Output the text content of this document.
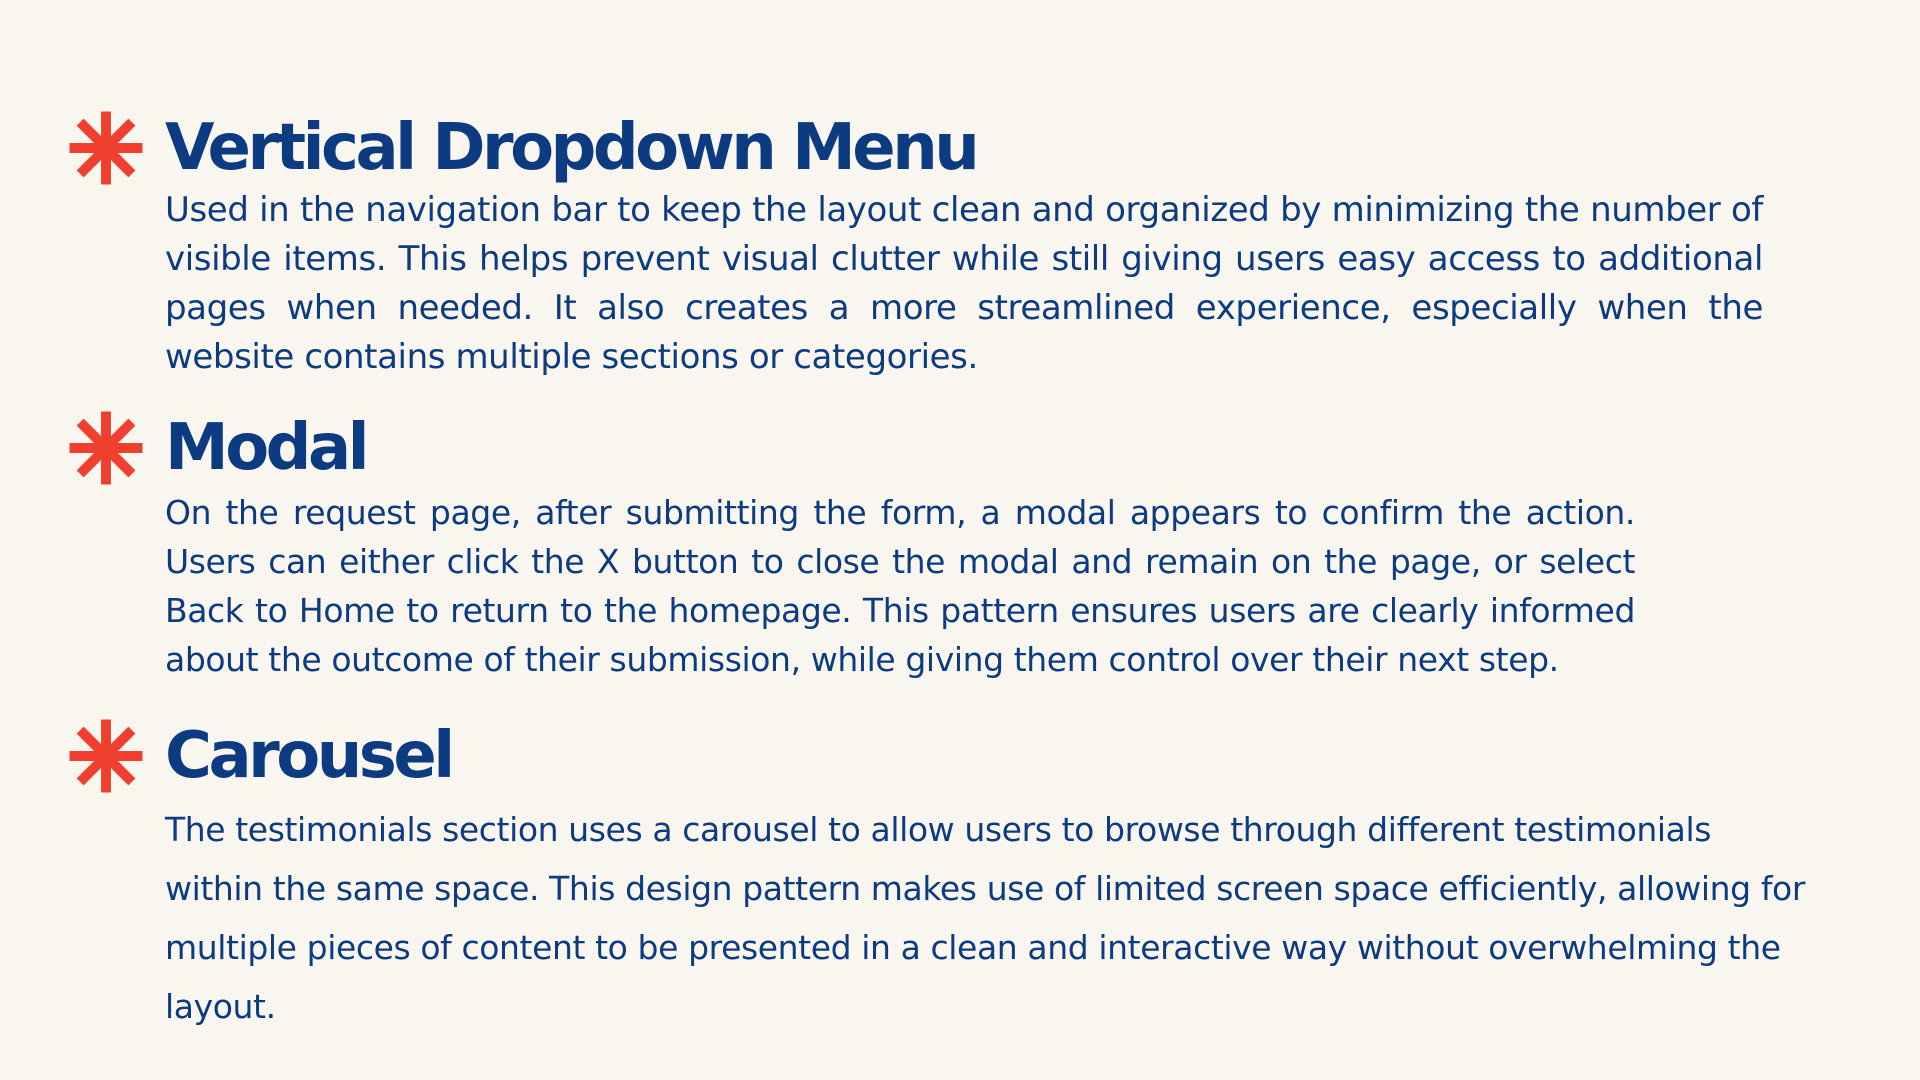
Vertical Dropdown Menu

Used in the navigation bar to keep the layout clean and organized by minimizing the number of visible items. This helps prevent visual clutter while still giving users easy access to additional pages when needed. It also creates a more streamlined experience, especially when the website contains multiple sections or categories.

Modal

On the request page, after submitting the form, a modal appears to confirm the action. Users can either click the X button to close the modal and remain on the page, or select Back to Home to return to the homepage. This pattern ensures users are clearly informed about the outcome of their submission, while giving them control over their next step.

Carousel

The testimonials section uses a carousel to allow users to browse through different testimonials within the same space. This design pattern makes use of limited screen space efficiently, allowing for multiple pieces of content to be presented in a clean and interactive way without overwhelming the layout.
